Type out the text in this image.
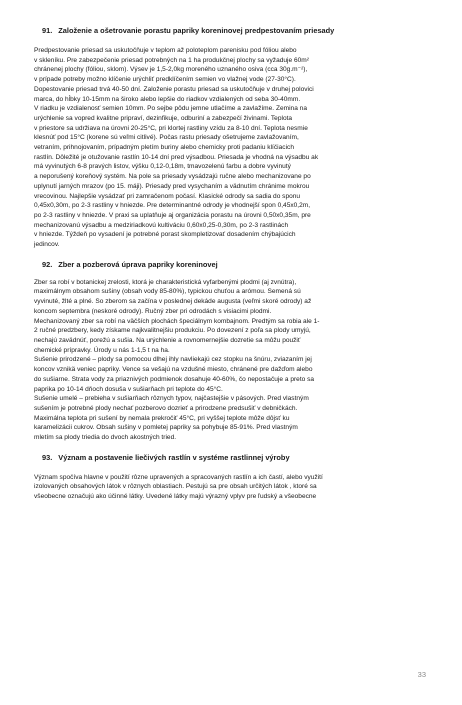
91. Založenie a ošetrovanie porastu papriky koreninovej predpestovaním priesady
Predpestovanie priesad sa uskutočňuje v teplom až poloteplom parenisku pod fóliou alebo
v skleníku. Pre zabezpečenie priesad potrebných na 1 ha produkčnej plochy sa vyžaduje 60m²
chránenej plochy (fóliou, sklom). Výsev je 1,5-2,0kg moreného uznaného osiva (cca 30g.m⁻²),
v prípade potreby možno klíčenie urýchliť predklíčením semien vo vlažnej vode (27-30°C).
Dopestovanie priesad trvá 40-50 dní. Založenie porastu priesad sa uskutočňuje v druhej polovici
marca, do hĺbky 10-15mm na široko alebo lepšie do riadkov vzdialených od seba 30-40mm.
V riadku je vzdialenosť semien 10mm. Po sejbe pôdu jemne utlačíme a zavlažíme. Zemina na
urýchlenie sa vopred kvalitne pripraví, dezinfikuje, odburiní a zabezpečí živinami. Teplota
v priestore sa udržiava na úrovni 20-25°C, pri klortej rastliny vzídu za 8-10 dní. Teplota nesmie
klesnúť pod 15°C (korene sú veľmi citlivé). Počas rastu priesady ošetrujeme zavlažovaním,
vetraním, prihnojovaním, prípadným pletím buriny alebo chemicky proti padaniu klíčiacich
rastlín. Dôležité je otužovanie rastlín 10-14 dní pred výsadbou. Priesada je vhodná na výsadbu ak
má vyvinutých 6-8 pravých listov, výšku 0,12-0,18m, tmavozelenú farbu a dobre vyvinutý
a neporušený koreňový systém. Na pole sa priesady vysádzajú ručne alebo mechanizovane po
uplynutí jarných mrazov (po 15. máji). Priesady pred vysychaním a vädnutím chránime mokrou
vrecovinou. Najlepšie vysádzať pri zamračenom počasí. Klasické odrody sa sadia do sponu
0,45x0,30m, po 2-3 rastliny v hniezde. Pre determinantné odrody je vhodnejší spon 0,45x0,2m,
po 2-3 rastliny v hniezde. V praxi sa uplatňuje aj organizácia porastu na úrovni 0,50x0,35m, pre
mechanizovanú výsadbu a medziriadkovú kultiváciu 0,60x0,25-0,30m, po 2-3 rastlinách
v hniezde. Týždeň po vysadení je potrebné porast skompletizovať dosadením chýbajúcich
jedincov.
92. Zber a pozberová úprava papriky koreninovej
Zber sa robí v botanickej zrelosti, ktorá je charakteristická vyfarbenými plodmi (aj zvnútra),
maximálnym obsahom sušiny (obsah vody 85-80%), typickou chuťou a arómou. Semená sú
vyvinuté, žlté a plné. So zberom sa začína v poslednej dekáde augusta (veľmi skoré odrody) až
koncom septembra (neskoré odrody). Ručný zber pri odrodách s visiacimi plodmi.
Mechanizovaný zber sa robí na väčších plochách špeciálnym kombajnom. Predtým sa robia ale 1-
2 ručné predzbery, kedy získame najkvalitnejšiu produkciu. Po dovezení z poľa sa plody umyjú,
nechajú zavädnúť, porežú a sušia. Na urýchlenie a rovnomernejšie dozretie sa môžu použiť
chemické prípravky. Úrody u nás 1-1,5 t na ha.
Sušenie prirodzené – plody sa pomocou dlhej ihly navliekajú cez stopku na šnúru, zviazaním jej
koncov vznikä veniec papriky. Vence sa vešajú na vzdušné miesto, chránené pre dažďom alebo
do sušiarne. Strata vody za priaznivých podmienok dosahuje 40-60%, čo nepostačuje a preto sa
paprika po 10-14 dňoch dosuša v sušiarňach pri teplote do 45°C.
Sušenie umelé – prebieha v sušiarňach rôznych typov, najčastejšie v pásových. Pred vlastným
sušením je potrebné plody nechať pozberovo dozrieť a prirodzene predsušiť v debničkách.
Maximálna teplota pri sušení by nemala prekročiť 45°C, pri vyššej teplote môže dôjsť ku
karamelizácii cukrov. Obsah sušiny v pomletej papriky sa pohybuje 85-91%. Pred vlastným
mletím sa plody triedia do dvoch akostných tried.
93. Význam a postavenie liečivých rastlín v systéme rastlinnej výroby
Význam spočíva hlavne v použití rôzne upravených a spracovaných rastlín a ich častí, alebo využití
izolovaných obsahových látok v rôznych oblastiach. Pestujú sa pre obsah určitých látok , ktoré sa
všeobecne označujú ako účinné látky. Uvedené látky majú výrazný vplyv pre ľudský a všeobecne
33
